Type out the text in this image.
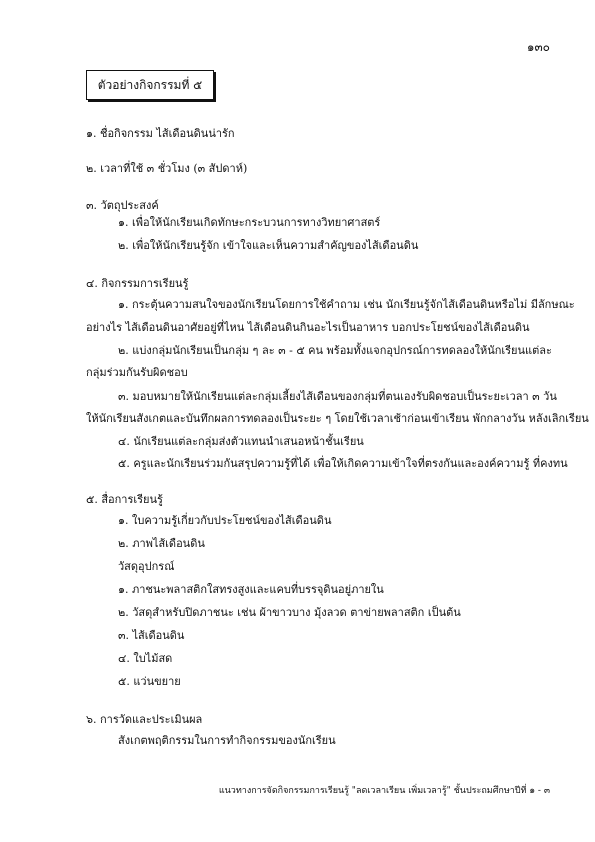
๑๓๐
ตัวอย่างกิจกรรมที่ ๕
๑. ชื่อกิจกรรม ไส้เดือนดินน่ารัก
๒. เวลาที่ใช้ ๓ ชั่วโมง (๓ สัปดาห์)
๓. วัตถุประสงค์
๑. เพื่อให้นักเรียนเกิดทักษะกระบวนการทางวิทยาศาสตร์
๒. เพื่อให้นักเรียนรู้จัก เข้าใจและเห็นความสำคัญของไส้เดือนดิน
๔. กิจกรรมการเรียนรู้
๑. กระตุ้นความสนใจของนักเรียนโดยการใช้คำถาม เช่น นักเรียนรู้จักไส้เดือนดินหรือไม่ มีลักษณะ
อย่างไร ไส้เดือนดินอาศัยอยู่ที่ไหน ไส้เดือนดินกินอะไรเป็นอาหาร บอกประโยชน์ของไส้เดือนดิน
๒. แบ่งกลุ่มนักเรียนเป็นกลุ่ม ๆ ละ ๓ - ๕ คน พร้อมทั้งแจกอุปกรณ์การทดลองให้นักเรียนแต่ละ
กลุ่มร่วมกันรับผิดชอบ
๓. มอบหมายให้นักเรียนแต่ละกลุ่มเลี้ยงไส้เดือนของกลุ่มที่ตนเองรับผิดชอบเป็นระยะเวลา ๓ วัน
ให้นักเรียนสังเกตและบันทึกผลการทดลองเป็นระยะ ๆ โดยใช้เวลาเช้าก่อนเข้าเรียน พักกลางวัน หลังเลิกเรียน
๔. นักเรียนแต่ละกลุ่มส่งตัวแทนนำเสนอหน้าชั้นเรียน
๕. ครูและนักเรียนร่วมกันสรุปความรู้ที่ได้ เพื่อให้เกิดความเข้าใจที่ตรงกันและองค์ความรู้ ที่คงทน
๕. สื่อการเรียนรู้
๑. ใบความรู้เกี่ยวกับประโยชน์ของไส้เดือนดิน
๒. ภาพไส้เดือนดิน
วัสดุอุปกรณ์
๑. ภาชนะพลาสติกใสทรงสูงและแคบที่บรรจุดินอยู่ภายใน
๒. วัสดุสำหรับปิดภาชนะ เช่น ผ้าขาวบาง มุ้งลวด ตาข่ายพลาสติก เป็นต้น
๓. ไส้เดือนดิน
๔. ใบไม้สด
๕. แว่นขยาย
๖. การวัดและประเมินผล
สังเกตพฤติกรรมในการทำกิจกรรมของนักเรียน
แนวทางการจัดกิจกรรมการเรียนรู้ "ลดเวลาเรียน เพิ่มเวลารู้" ชั้นประถมศึกษาปีที่ ๑ - ๓
